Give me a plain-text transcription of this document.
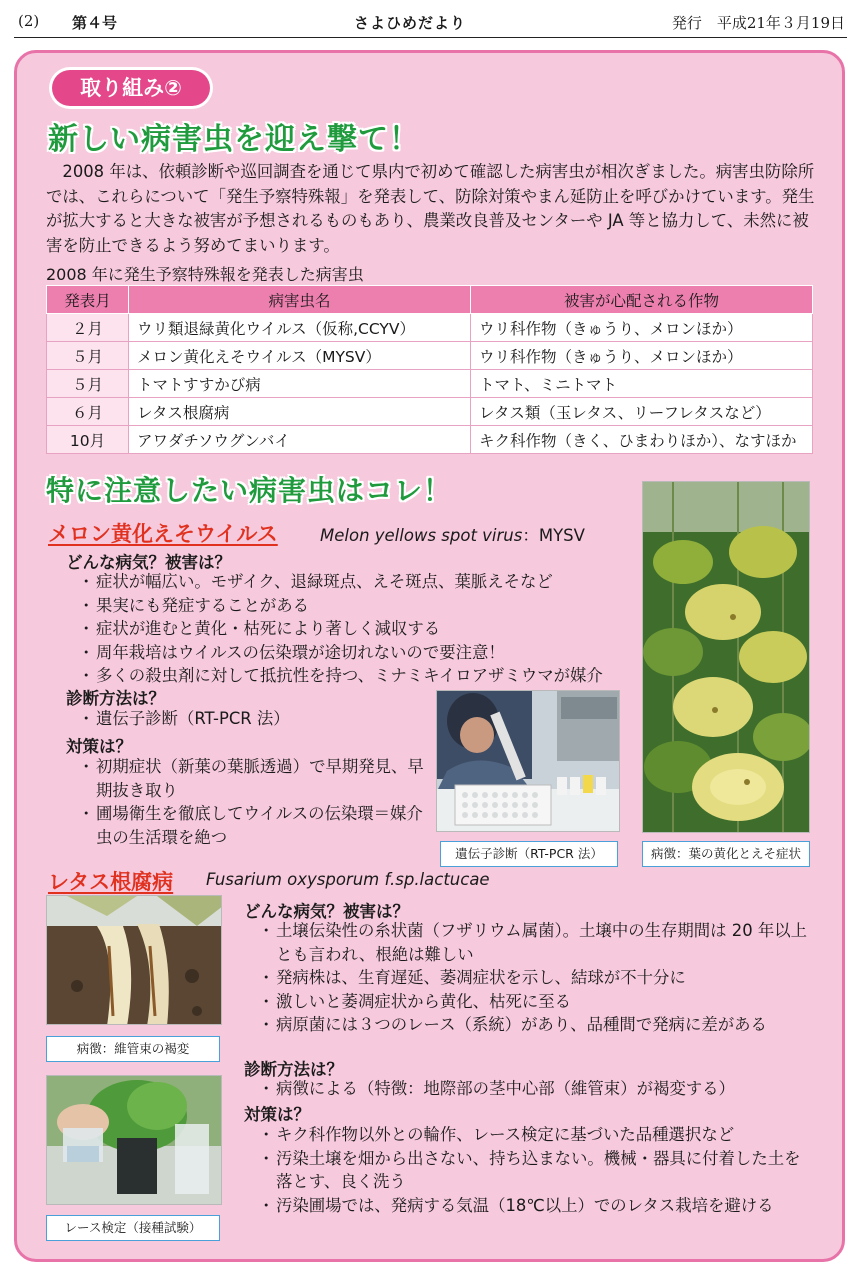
(2) 第４号	さよひめだより	発行　平成21年３月19日
取り組み②
新しい病害虫を迎え撃て！

2008 年は、依頼診断や巡回調査を通じて県内で初めて確認した病害虫が相次ぎました。病害虫防除所では、これらについて「発生予察特殊報」を発表して、防除対策やまん延防止を呼びかけています。発生が拡大すると大きな被害が予想されるものもあり、農業改良普及センターや JA 等と協力して、未然に被害を防止できるよう努めてまいります。

2008 年に発生予察特殊報を発表した病害虫
発表月	病害虫名	被害が心配される作物
２月	ウリ類退緑黄化ウイルス（仮称,CCYV）	ウリ科作物（きゅうり、メロンほか）
５月	メロン黄化えそウイルス（MYSV）	ウリ科作物（きゅうり、メロンほか）
５月	トマトすすかび病	トマト、ミニトマト
６月	レタス根腐病	レタス類（玉レタス、リーフレタスなど）
10月	アワダチソウグンバイ	キク科作物（きく、ひまわりほか）、なすほか
特に注意したい病害虫はコレ！
メロン黄化えそウイルス	Melon yellows spot virus：MYSV
どんな病気？被害は？
・ 症状が幅広い。モザイク、退緑斑点、えそ斑点、葉脈えそなど
・ 果実にも発症することがある
・ 症状が進むと黄化・枯死により著しく減収する
・ 周年栽培はウイルスの伝染環が途切れないので要注意！
・ 多くの殺虫剤に対して抵抗性を持つ、ミナミキイロアザミウマが媒介
診断方法は？
・ 遺伝子診断（RT-PCR 法）
対策は？
・ 初期症状（新葉の葉脈透過）で早期発見、早期抜き取り
・ 圃場衛生を徹底してウイルスの伝染環＝媒介虫の生活環を絶つ
遺伝子診断（RT-PCR 法）	病徴：葉の黄化とえそ症状
レタス根腐病 Fusarium oxysporum f.sp.lactucae
病徴：維管束の褐変
レース検定（接種試験）
どんな病気？被害は？
・ 土壌伝染性の糸状菌（フザリウム属菌）。土壌中の生存期間は 20 年以上とも言われ、根絶は難しい
・ 発病株は、生育遅延、萎凋症状を示し、結球が不十分に
・ 激しいと萎凋症状から黄化、枯死に至る
・ 病原菌には３つのレース（系統）があり、品種間で発病に差がある
診断方法は？
・ 病徴による（特徴：地際部の茎中心部（維管束）が褐変する）
対策は？
・ キク科作物以外との輪作、レース検定に基づいた品種選択など
・ 汚染土壌を畑から出さない、持ち込まない。機械・器具に付着した土を落とす、良く洗う
・ 汚染圃場では、発病する気温（18℃以上）でのレタス栽培を避ける
